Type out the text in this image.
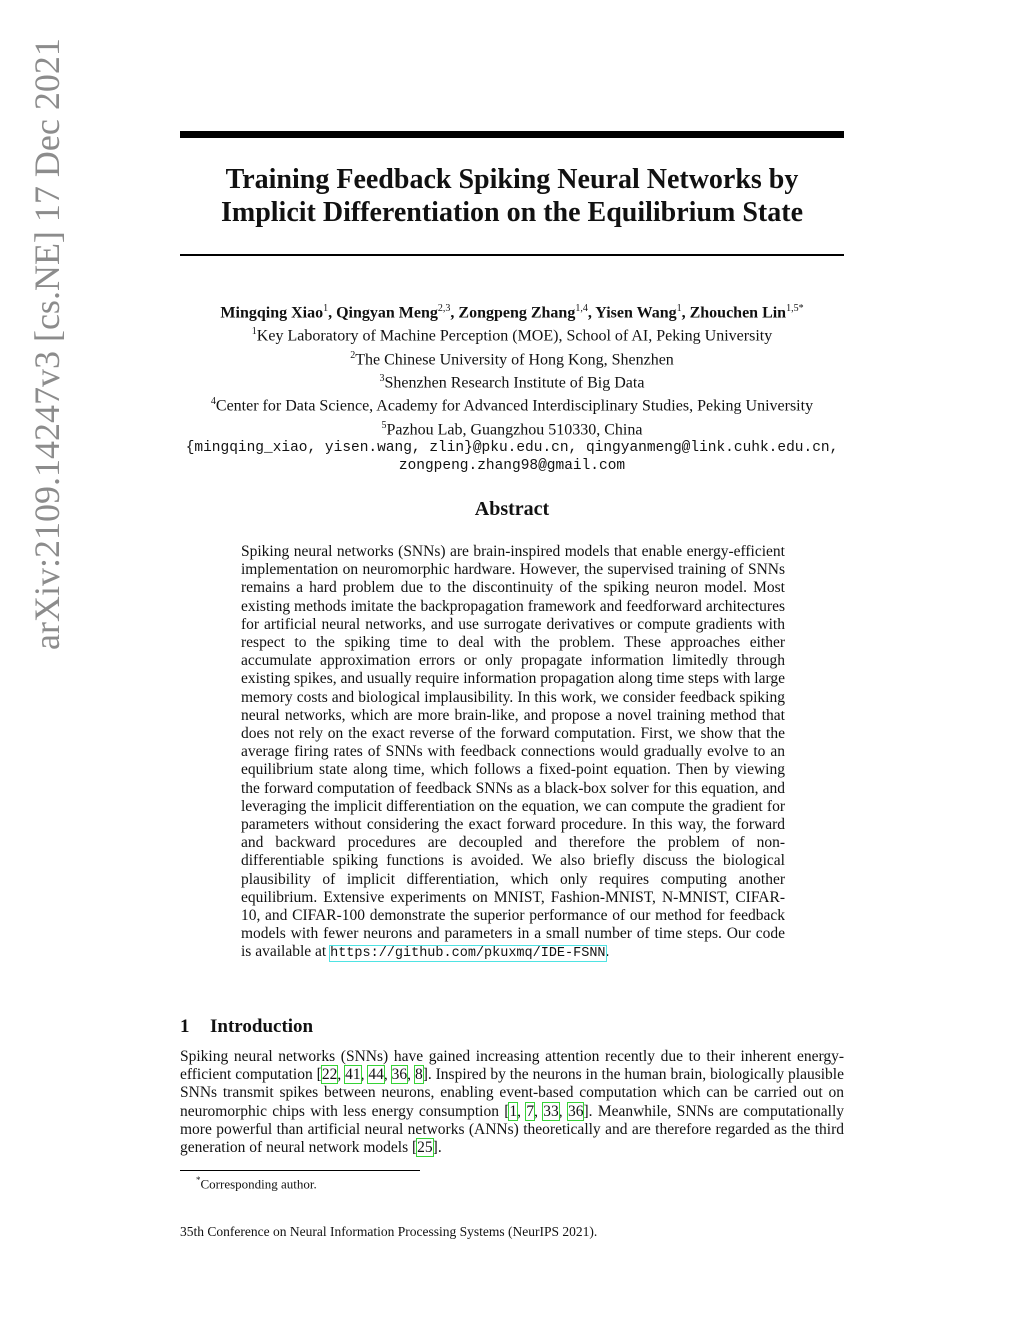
arXiv:2109.14247v3 [cs.NE] 17 Dec 2021	Training Feedback Spiking Neural Networks by
Implicit Differentiation on the Equilibrium State
Mingqing Xiao$^1$, Qingyan Meng$^{2,3}$, Zongpeng Zhang$^{1,4}$, Yisen Wang$^1$, Zhouchen Lin$^{1,5*}$
$^1$Key Laboratory of Machine Perception (MOE), School of AI, Peking University
$^2$The Chinese University of Hong Kong, Shenzhen
$^3$Shenzhen Research Institute of Big Data
$^4$Center for Data Science, Academy for Advanced Interdisciplinary Studies, Peking University
$^5$Pazhou Lab, Guangzhou 510330, China
{mingqing_xiao, yisen.wang, zlin}@pku.edu.cn, qingyanmeng@link.cuhk.edu.cn,
zongpeng.zhang98@gmail.com
Abstract
Spiking neural networks (SNNs) are brain-inspired models that enable energy-efficient implementation on neuromorphic hardware. However, the supervised training of SNNs remains a hard problem due to the discontinuity of the spiking neuron model. Most existing methods imitate the backpropagation framework and feedforward architectures for artificial neural networks, and use surrogate derivatives or compute gradients with respect to the spiking time to deal with the problem. These approaches either accumulate approximation errors or only propagate information limitedly through existing spikes, and usually require information propagation along time steps with large memory costs and biological implausibility. In this work, we consider feedback spiking neural networks, which are more brain-like, and propose a novel training method that does not rely on the exact reverse of the forward computation. First, we show that the average firing rates of SNNs with feedback connections would gradually evolve to an equilibrium state along time, which follows a fixed-point equation. Then by viewing the forward computation of feedback SNNs as a black-box solver for this equation, and leveraging the implicit differentiation on the equation, we can compute the gradient for parameters without considering the exact forward procedure. In this way, the forward and backward procedures are decoupled and therefore the problem of non-differentiable spiking functions is avoided. We also briefly discuss the biological plausibility of implicit differentiation, which only requires computing another equilibrium. Extensive experiments on MNIST, Fashion-MNIST, N-MNIST, CIFAR-10, and CIFAR-100 demonstrate the superior performance of our method for feedback models with fewer neurons and parameters in a small number of time steps. Our code is available at https://github.com/pkuxmq/IDE-FSNN.
1 Introduction
Spiking neural networks (SNNs) have gained increasing attention recently due to their inherent energy-efficient computation [22, 41, 44, 36, 8]. Inspired by the neurons in the human brain, biologically plausible SNNs transmit spikes between neurons, enabling event-based computation which can be carried out on neuromorphic chips with less energy consumption [1, 7, 33, 36]. Meanwhile, SNNs are computationally more powerful than artificial neural networks (ANNs) theoretically and are therefore regarded as the third generation of neural network models [25].
*Corresponding author.
35th Conference on Neural Information Processing Systems (NeurIPS 2021).
